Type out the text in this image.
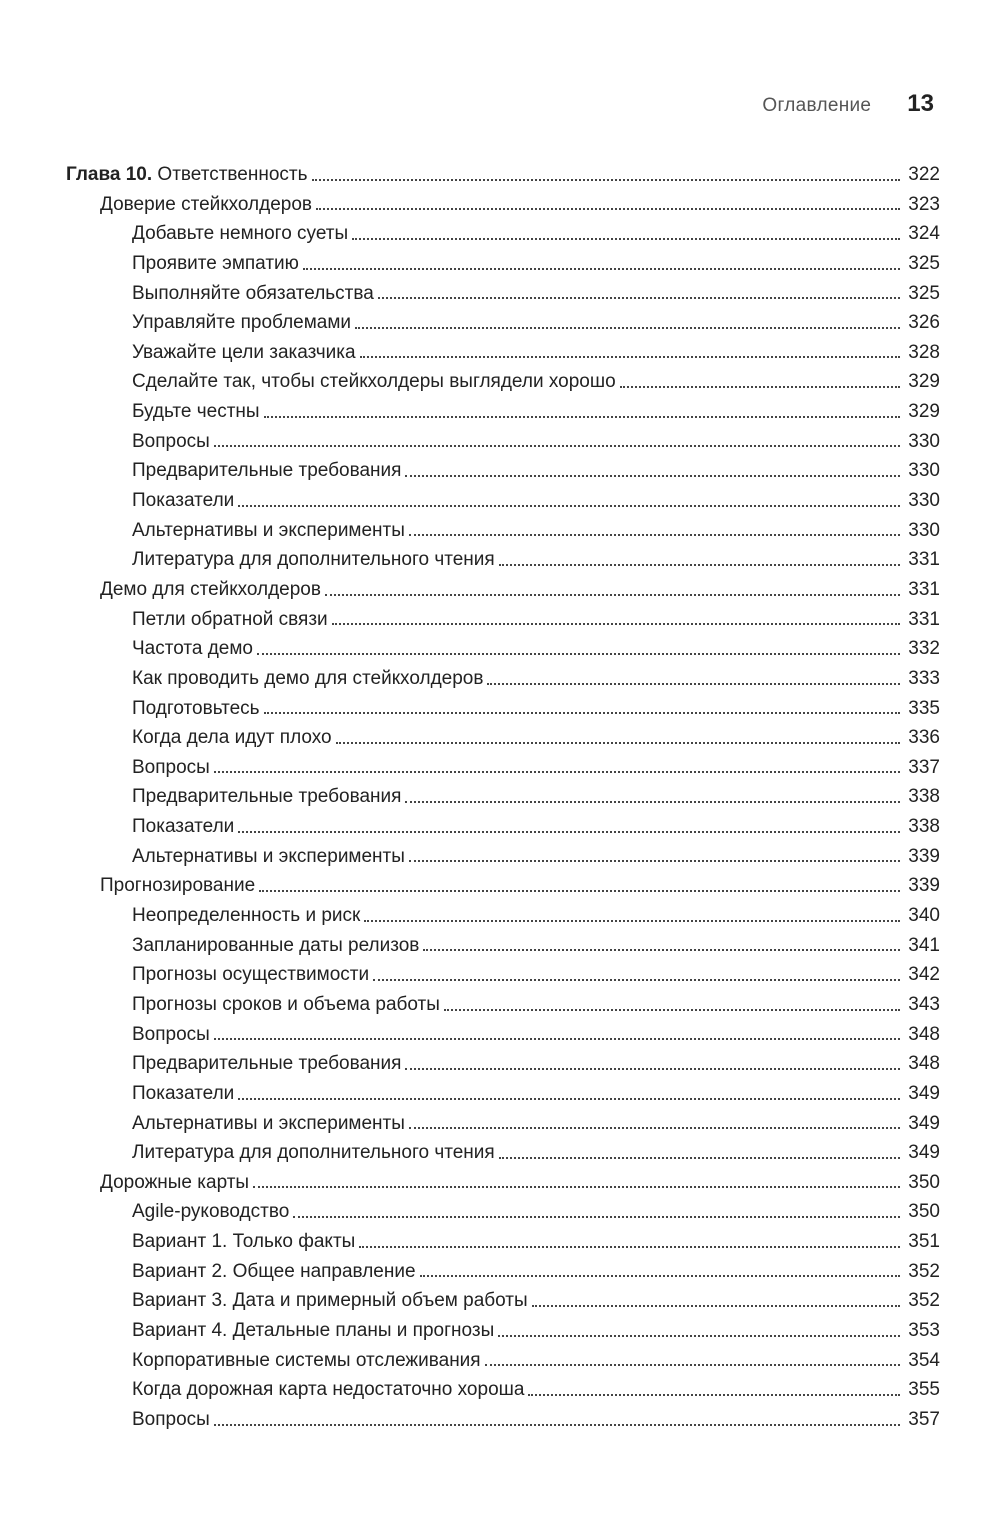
Оглавление 13
Глава 10. Ответственность	322
Доверие стейкхолдеров	323
Добавьте немного суеты	324
Проявите эмпатию	325
Выполняйте обязательства	325
Управляйте проблемами	326
Уважайте цели заказчика	328
Сделайте так, чтобы стейкхолдеры выглядели хорошо	329
Будьте честны	329
Вопросы	330
Предварительные требования	330
Показатели	330
Альтернативы и эксперименты	330
Литература для дополнительного чтения	331
Демо для стейкхолдеров	331
Петли обратной связи	331
Частота демо	332
Как проводить демо для стейкхолдеров	333
Подготовьтесь	335
Когда дела идут плохо	336
Вопросы	337
Предварительные требования	338
Показатели	338
Альтернативы и эксперименты	339
Прогнозирование	339
Неопределенность и риск	340
Запланированные даты релизов	341
Прогнозы осуществимости	342
Прогнозы сроков и объема работы	343
Вопросы	348
Предварительные требования	348
Показатели	349
Альтернативы и эксперименты	349
Литература для дополнительного чтения	349
Дорожные карты	350
Agile-руководство	350
Вариант 1. Только факты	351
Вариант 2. Общее направление	352
Вариант 3. Дата и примерный объем работы	352
Вариант 4. Детальные планы и прогнозы	353
Корпоративные системы отслеживания	354
Когда дорожная карта недостаточно хороша	355
Вопросы	357
